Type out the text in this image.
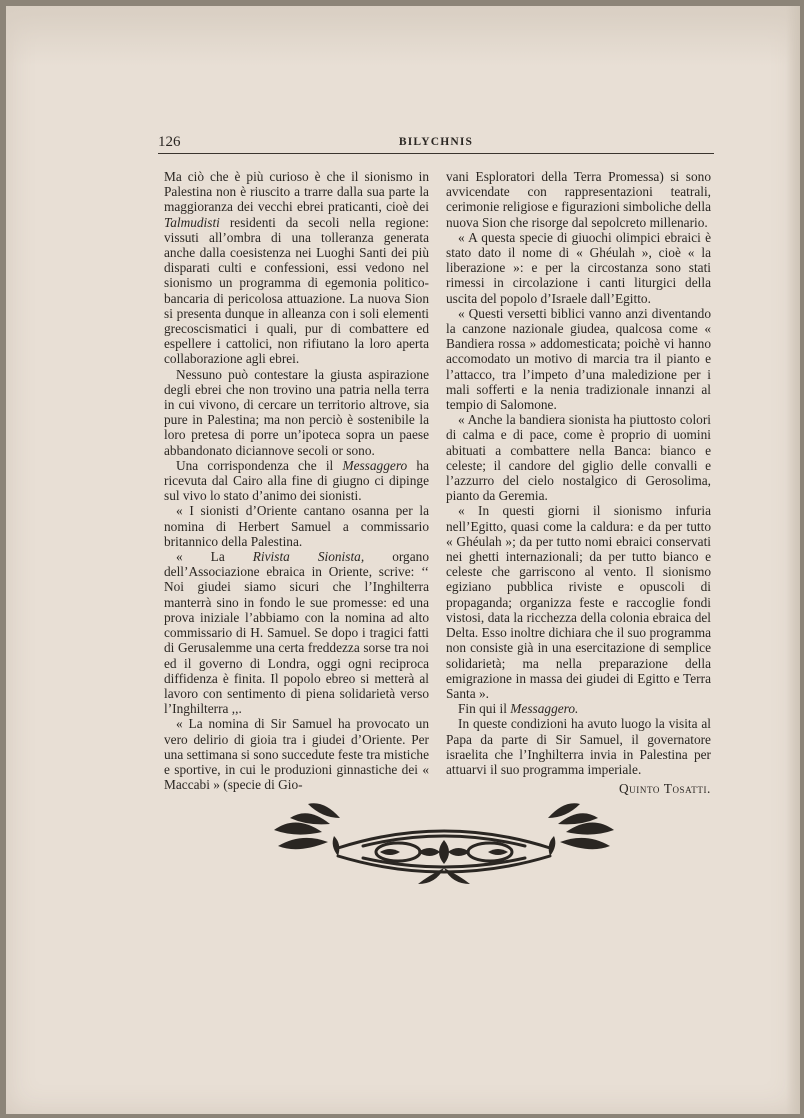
126	BILYCHNIS

Ma ciò che è più curioso è che il sionismo in Palestina non è riuscito a trarre dalla sua parte la maggioranza dei vecchi ebrei praticanti, cioè dei Talmudisti residenti da secoli nella regione: vissuti all’ombra di una tolleranza generata anche dalla coesistenza nei Luoghi Santi dei più disparati culti e confessioni, essi vedono nel sionismo un programma di egemonia politico-bancaria di pericolosa attuazione. La nuova Sion si presenta dunque in alleanza con i soli elementi grecoscismatici i quali, pur di combattere ed espellere i cattolici, non rifiutano la loro aperta collaborazione agli ebrei.

Nessuno può contestare la giusta aspirazione degli ebrei che non trovino una patria nella terra in cui vivono, di cercare un territorio altrove, sia pure in Palestina; ma non perciò è sostenibile la loro pretesa di porre un’ipoteca sopra un paese abbandonato diciannove secoli or sono.

Una corrispondenza che il Messaggero ha ricevuta dal Cairo alla fine di giugno ci dipinge sul vivo lo stato d’animo dei sionisti.

« I sionisti d’Oriente cantano osanna per la nomina di Herbert Samuel a commissario britannico della Palestina.

« La Rivista Sionista, organo dell’Associazione ebraica in Oriente, scrive: ‘‘ Noi giudei siamo sicuri che l’Inghilterra manterrà sino in fondo le sue promesse: ed una prova iniziale l’abbiamo con la nomina ad alto commissario di H. Samuel. Se dopo i tragici fatti di Gerusalemme una certa freddezza sorse tra noi ed il governo di Londra, oggi ogni reciproca diffidenza è finita. Il popolo ebreo si metterà al lavoro con sentimento di piena solidarietà verso l’Inghilterra ,,.

« La nomina di Sir Samuel ha provocato un vero delirio di gioia tra i giudei d’Oriente. Per una settimana si sono succedute feste tra mistiche e sportive, in cui le produzioni ginnastiche dei « Maccabi » (specie di Gio-

vani Esploratori della Terra Promessa) si sono avvicendate con rappresentazioni teatrali, cerimonie religiose e figurazioni simboliche della nuova Sion che risorge dal sepolcreto millenario.

« A questa specie di giuochi olimpici ebraici è stato dato il nome di « Ghéulah », cioè « la liberazione »: e per la circostanza sono stati rimessi in circolazione i canti liturgici della uscita del popolo d’Israele dall’Egitto.

« Questi versetti biblici vanno anzi diventando la canzone nazionale giudea, qualcosa come « Bandiera rossa » addomesticata; poichè vi hanno accomodato un motivo di marcia tra il pianto e l’attacco, tra l’impeto d’una maledizione per i mali sofferti e la nenia tradizionale innanzi al tempio di Salomone.

« Anche la bandiera sionista ha piuttosto colori di calma e di pace, come è proprio di uomini abituati a combattere nella Banca: bianco e celeste; il candore del giglio delle convalli e l’azzurro del cielo nostalgico di Gerosolima, pianto da Geremia.

« In questi giorni il sionismo infuria nell’Egitto, quasi come la caldura: e da per tutto « Ghéulah »; da per tutto nomi ebraici conservati nei ghetti internazionali; da per tutto bianco e celeste che garriscono al vento. Il sionismo egiziano pubblica riviste e opuscoli di propaganda; organizza feste e raccoglie fondi vistosi, data la ricchezza della colonia ebraica del Delta. Esso inoltre dichiara che il suo programma non consiste già in una esercitazione di semplice solidarietà; ma nella preparazione della emigrazione in massa dei giudei di Egitto e Terra Santa ».

Fin qui il Messaggero.

In queste condizioni ha avuto luogo la visita al Papa da parte di Sir Samuel, il governatore israelita che l’Inghilterra invia in Palestina per attuarvi il suo programma imperiale.

Quinto Tosatti.
